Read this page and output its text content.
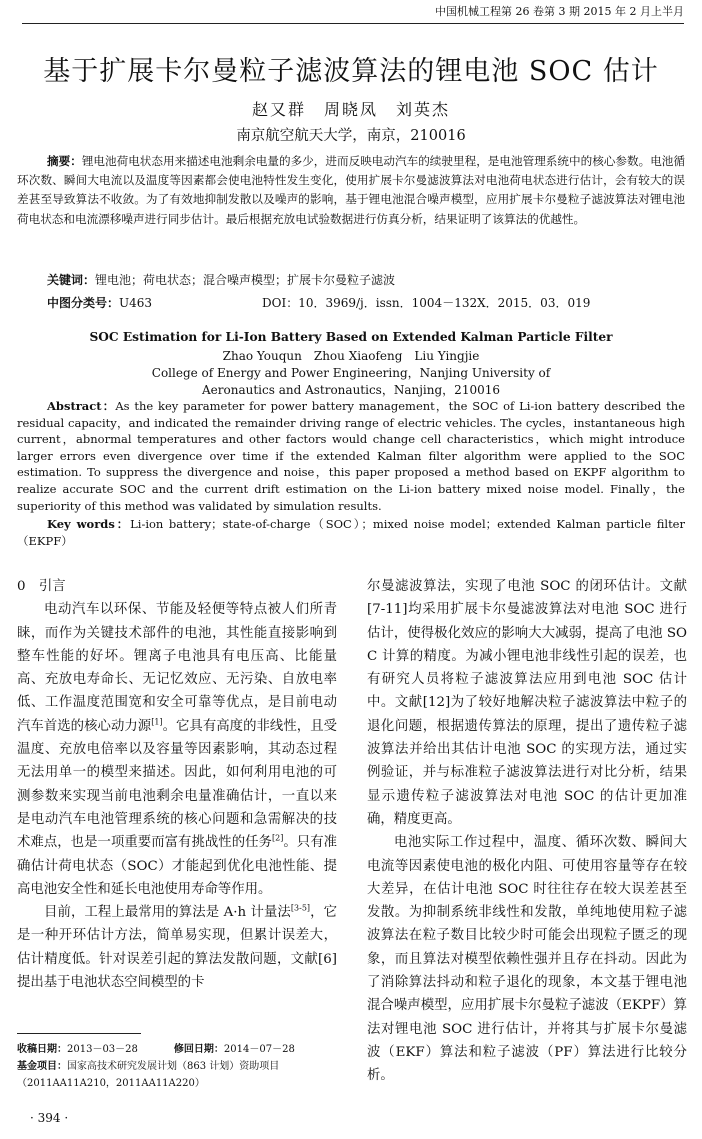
中国机械工程第 26 卷第 3 期 2015 年 2 月上半月
基于扩展卡尔曼粒子滤波算法的锂电池 SOC 估计
赵又群　周晓凤　刘英杰
南京航空航天大学，南京，210016
摘要：锂电池荷电状态用来描述电池剩余电量的多少，进而反映电动汽车的续驶里程，是电池管理系统中的核心参数。电池循环次数、瞬间大电流以及温度等因素都会使电池特性发生变化，使用扩展卡尔曼滤波算法对电池荷电状态进行估计，会有较大的误差甚至导致算法不收敛。为了有效地抑制发散以及噪声的影响，基于锂电池混合噪声模型，应用扩展卡尔曼粒子滤波算法对锂电池荷电状态和电流漂移噪声进行同步估计。最后根据充放电试验数据进行仿真分析，结果证明了该算法的优越性。
关键词：锂电池；荷电状态；混合噪声模型；扩展卡尔曼粒子滤波
中图分类号：U463	DOI：10．3969/j．issn．1004－132X．2015．03．019
SOC Estimation for Li-Ion Battery Based on Extended Kalman Particle Filter
Zhao Youqun　Zhou Xiaofeng　Liu Yingjie
College of Energy and Power Engineering，Nanjing University of
Aeronautics and Astronautics，Nanjing，210016
Abstract：As the key parameter for power battery management，the SOC of Li-ion battery described the residual capacity，and indicated the remainder driving range of electric vehicles. The cycles，instantaneous high current，abnormal temperatures and other factors would change cell characteristics，which might introduce larger errors even divergence over time if the extended Kalman filter algorithm were applied to the SOC estimation. To suppress the divergence and noise，this paper proposed a method based on EKPF algorithm to realize accurate SOC and the current drift estimation on the Li-ion battery mixed noise model. Finally，the superiority of this method was validated by simulation results.
Key words：Li-ion battery；state-of-charge（SOC）；mixed noise model；extended Kalman particle filter（EKPF）

0　引言

电动汽车以环保、节能及轻便等特点被人们所青睐，而作为关键技术部件的电池，其性能直接影响到整车性能的好坏。锂离子电池具有电压高、比能量高、充放电寿命长、无记忆效应、无污染、自放电率低、工作温度范围宽和安全可靠等优点，是目前电动汽车首选的核心动力源[1]。它具有高度的非线性，且受温度、充放电倍率以及容量等因素影响，其动态过程无法用单一的模型来描述。因此，如何利用电池的可测参数来实现当前电池剩余电量准确估计，一直以来是电动汽车电池管理系统的核心问题和急需解决的技术难点，也是一项重要而富有挑战性的任务[2]。只有准确估计荷电状态（SOC）才能起到优化电池性能、提高电池安全性和延长电池使用寿命等作用。

目前，工程上最常用的算法是 A·h 计量法[3-5]，它是一种开环估计方法，简单易实现，但累计误差大，估计精度低。针对误差引起的算法发散问题，文献[6]提出基于电池状态空间模型的卡

尔曼滤波算法，实现了电池 SOC 的闭环估计。文献[7-11]均采用扩展卡尔曼滤波算法对电池 SOC 进行估计，使得极化效应的影响大大减弱，提高了电池 SOC 计算的精度。为减小锂电池非线性引起的误差，也有研究人员将粒子滤波算法应用到电池 SOC 估计中。文献[12]为了较好地解决粒子滤波算法中粒子的退化问题，根据遗传算法的原理，提出了遗传粒子滤波算法并给出其估计电池 SOC 的实现方法，通过实例验证，并与标准粒子滤波算法进行对比分析，结果显示遗传粒子滤波算法对电池 SOC 的估计更加准确，精度更高。

电池实际工作过程中，温度、循环次数、瞬间大电流等因素使电池的极化内阻、可使用容量等存在较大差异，在估计电池 SOC 时往往存在较大误差甚至发散。为抑制系统非线性和发散，单纯地使用粒子滤波算法在粒子数目比较少时可能会出现粒子匮乏的现象，而且算法对模型依赖性强并且存在抖动。因此为了消除算法抖动和粒子退化的现象，本文基于锂电池混合噪声模型，应用扩展卡尔曼粒子滤波（EKPF）算法对锂电池 SOC 进行估计，并将其与扩展卡尔曼滤波（EKF）算法和粒子滤波（PF）算法进行比较分析。

收稿日期：2013－03－28	修回日期：2014－07－28
基金项目：国家高技术研究发展计划（863 计划）资助项目（2011AA11A210，2011AA11A220）
· 394 ·
